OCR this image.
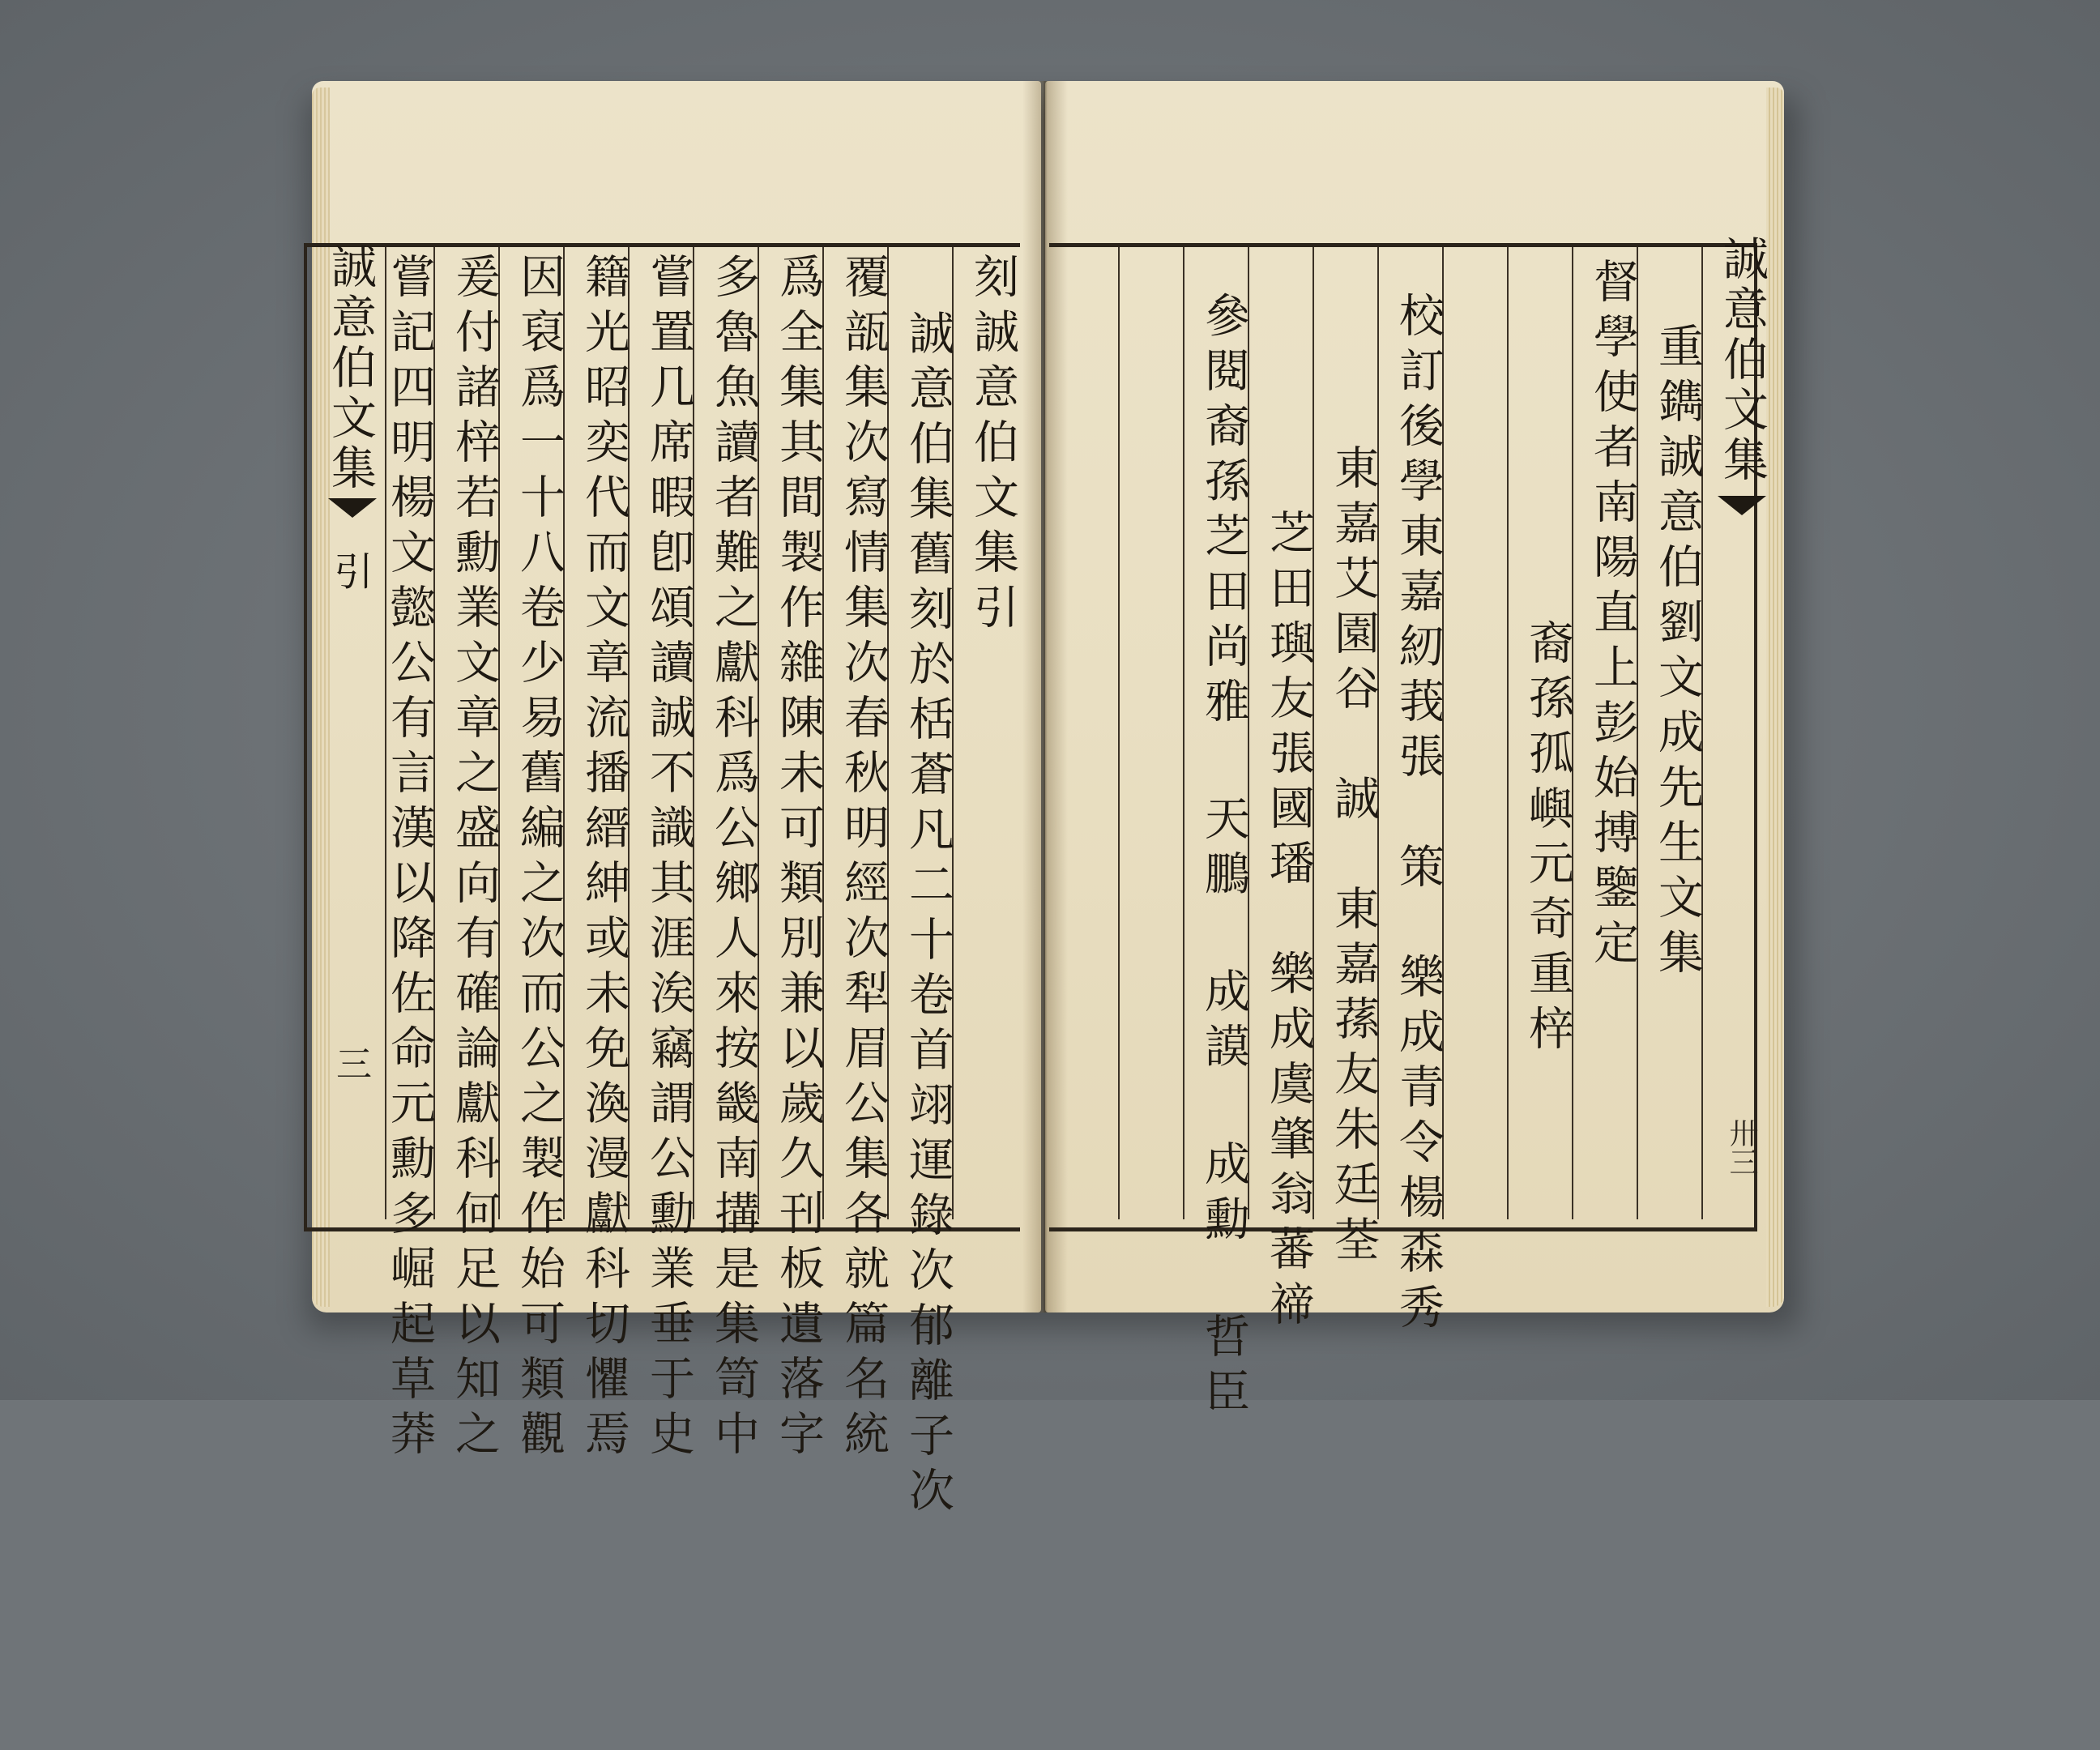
誠意伯文集
引
三
刻誠意伯文集引
誠意伯集舊刻於栝蒼凡二十卷首翊運錄次郁離子次
覆瓿集次寫情集次春秋明經次犁眉公集各就篇名統
爲全集其間製作雜陳未可類別兼以歲久刊板遺落字
多魯魚讀者難之獻科爲公鄉人來按畿南搆是集笥中
嘗置几席暇卽頌讀誠不識其涯涘竊謂公勳業垂于史
籍光昭奕代而文章流播縉紳或未免渙漫獻科切懼焉
因裒爲一十八卷少易舊編之次而公之製作始可類觀
爰付諸梓若勳業文章之盛向有確論獻科何足以知之
嘗記四明楊文懿公有言漢以降佐命元勳多崛起草莽	誠意伯文集
卅三
重鐫誠意伯劉文成先生文集
督學使者南陽直上彭始搏鑒定
　　　裔孫孤嶼元奇重梓
校訂後學東嘉紉莪張　策　樂成青令楊森秀
　東嘉艾園谷　誠　東嘉蓀友朱廷荃
　芝田璵友張國璠　樂成虞肇翁蕃禘
參閱裔孫芝田尚雅 天鵬 成謨 成勳 哲臣
